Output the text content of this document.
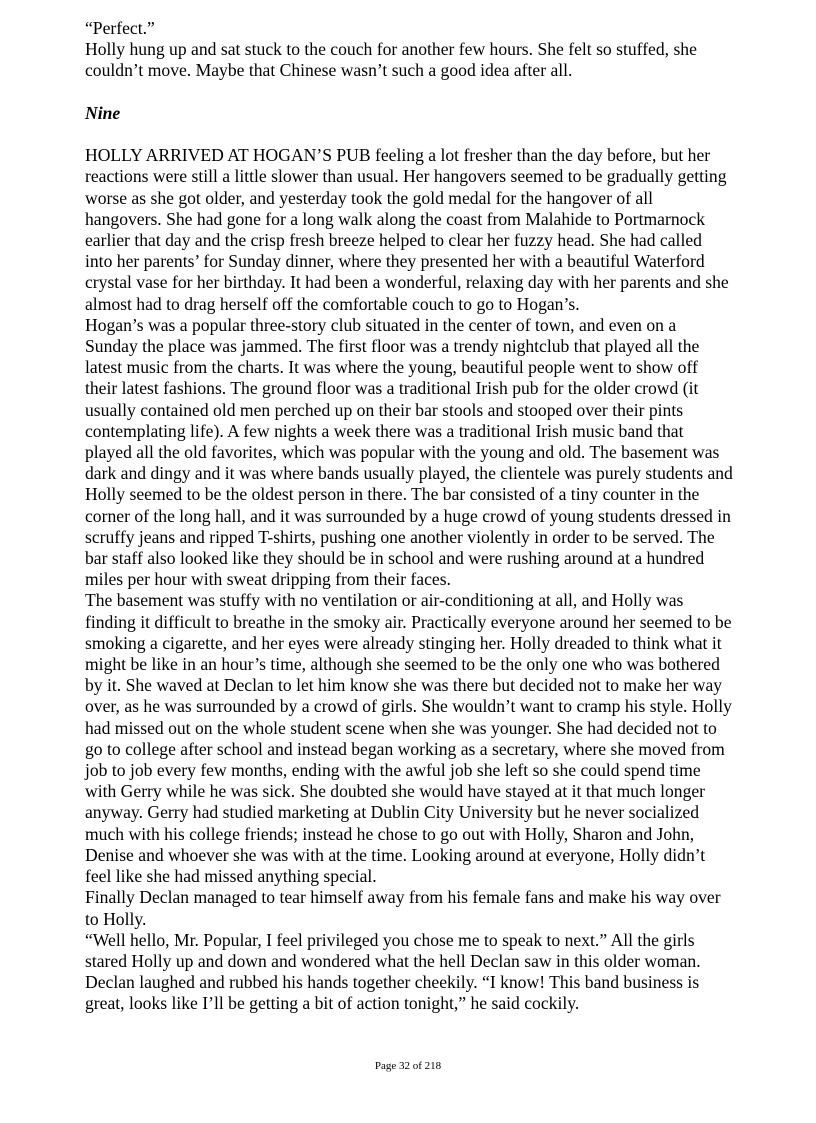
“Perfect.”
Holly hung up and sat stuck to the couch for another few hours. She felt so stuffed, she
couldn’t move. Maybe that Chinese wasn’t such a good idea after all.
Nine
HOLLY ARRIVED AT HOGAN’S PUB feeling a lot fresher than the day before, but her
reactions were still a little slower than usual. Her hangovers seemed to be gradually getting
worse as she got older, and yesterday took the gold medal for the hangover of all
hangovers. She had gone for a long walk along the coast from Malahide to Portmarnock
earlier that day and the crisp fresh breeze helped to clear her fuzzy head. She had called
into her parents’ for Sunday dinner, where they presented her with a beautiful Waterford
crystal vase for her birthday. It had been a wonderful, relaxing day with her parents and she
almost had to drag herself off the comfortable couch to go to Hogan’s.
Hogan’s was a popular three-story club situated in the center of town, and even on a
Sunday the place was jammed. The first floor was a trendy nightclub that played all the
latest music from the charts. It was where the young, beautiful people went to show off
their latest fashions. The ground floor was a traditional Irish pub for the older crowd (it
usually contained old men perched up on their bar stools and stooped over their pints
contemplating life). A few nights a week there was a traditional Irish music band that
played all the old favorites, which was popular with the young and old. The basement was
dark and dingy and it was where bands usually played, the clientele was purely students and
Holly seemed to be the oldest person in there. The bar consisted of a tiny counter in the
corner of the long hall, and it was surrounded by a huge crowd of young students dressed in
scruffy jeans and ripped T-shirts, pushing one another violently in order to be served. The
bar staff also looked like they should be in school and were rushing around at a hundred
miles per hour with sweat dripping from their faces.
The basement was stuffy with no ventilation or air-conditioning at all, and Holly was
finding it difficult to breathe in the smoky air. Practically everyone around her seemed to be
smoking a cigarette, and her eyes were already stinging her. Holly dreaded to think what it
might be like in an hour’s time, although she seemed to be the only one who was bothered
by it. She waved at Declan to let him know she was there but decided not to make her way
over, as he was surrounded by a crowd of girls. She wouldn’t want to cramp his style. Holly
had missed out on the whole student scene when she was younger. She had decided not to
go to college after school and instead began working as a secretary, where she moved from
job to job every few months, ending with the awful job she left so she could spend time
with Gerry while he was sick. She doubted she would have stayed at it that much longer
anyway. Gerry had studied marketing at Dublin City University but he never socialized
much with his college friends; instead he chose to go out with Holly, Sharon and John,
Denise and whoever she was with at the time. Looking around at everyone, Holly didn’t
feel like she had missed anything special.
Finally Declan managed to tear himself away from his female fans and make his way over
to Holly.
“Well hello, Mr. Popular, I feel privileged you chose me to speak to next.” All the girls
stared Holly up and down and wondered what the hell Declan saw in this older woman.
Declan laughed and rubbed his hands together cheekily. “I know! This band business is
great, looks like I’ll be getting a bit of action tonight,” he said cockily.
Page 32 of 218
